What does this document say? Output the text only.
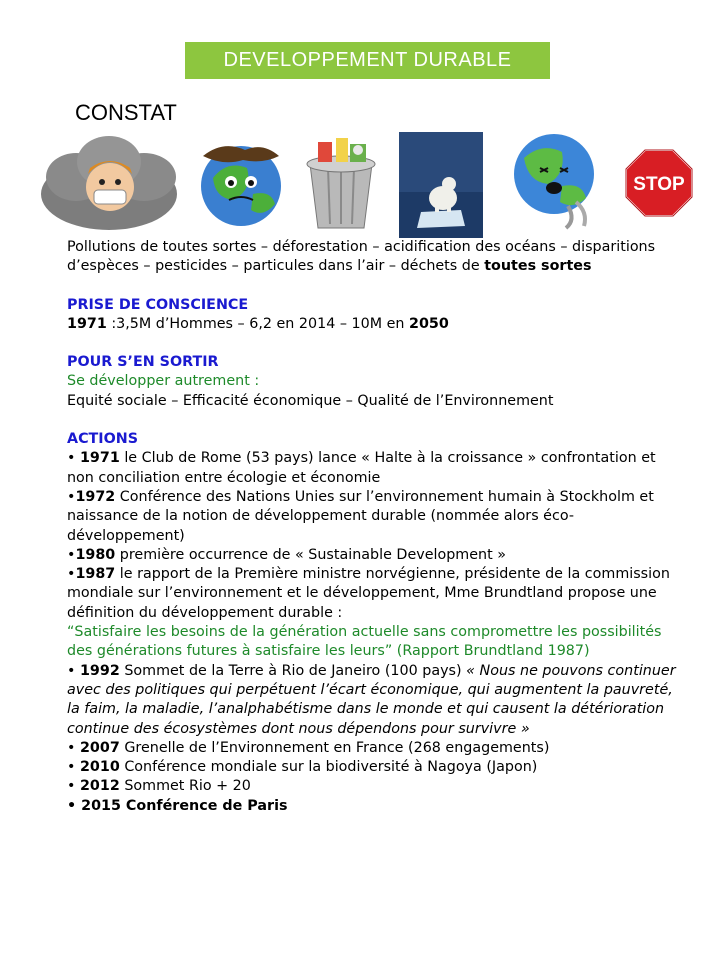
DEVELOPPEMENT DURABLE
CONSTAT
STOP

Pollutions de toutes sortes – déforestation – acidification des océans – disparitions d’espèces – pesticides – particules dans l’air – déchets de toutes sortes

PRISE DE CONSCIENCE

1971 :3,5M d’Hommes – 6,2 en 2014 – 10M en 2050

POUR S’EN SORTIR

Se développer autrement :

Equité sociale – Efficacité économique – Qualité de l’Environnement

ACTIONS

• 1971 le Club de Rome (53 pays) lance « Halte à la croissance » confrontation et non conciliation entre écologie et économie

•1972 Conférence des Nations Unies sur l’environnement humain à Stockholm et naissance de la notion de développement durable (nommée alors éco-développement)

•1980 première occurrence de « Sustainable Development »

•1987 le rapport de la Première ministre norvégienne, présidente de la commission mondiale sur l’environnement et le développement, Mme Brundtland propose une définition du développement durable :

“Satisfaire les besoins de la génération actuelle sans compromettre les possibilités des générations futures à satisfaire les leurs” (Rapport Brundtland 1987)

• 1992 Sommet de la Terre à Rio de Janeiro (100 pays) « Nous ne pouvons continuer avec des politiques qui perpétuent l’écart économique, qui augmentent la pauvreté, la faim, la maladie, l’analphabétisme dans le monde et qui causent la détérioration continue des écosystèmes dont nous dépendons pour survivre »

• 2007 Grenelle de l’Environnement en France (268 engagements)

• 2010 Conférence mondiale sur la biodiversité à Nagoya (Japon)

• 2012 Sommet Rio + 20

• 2015 Conférence de Paris
